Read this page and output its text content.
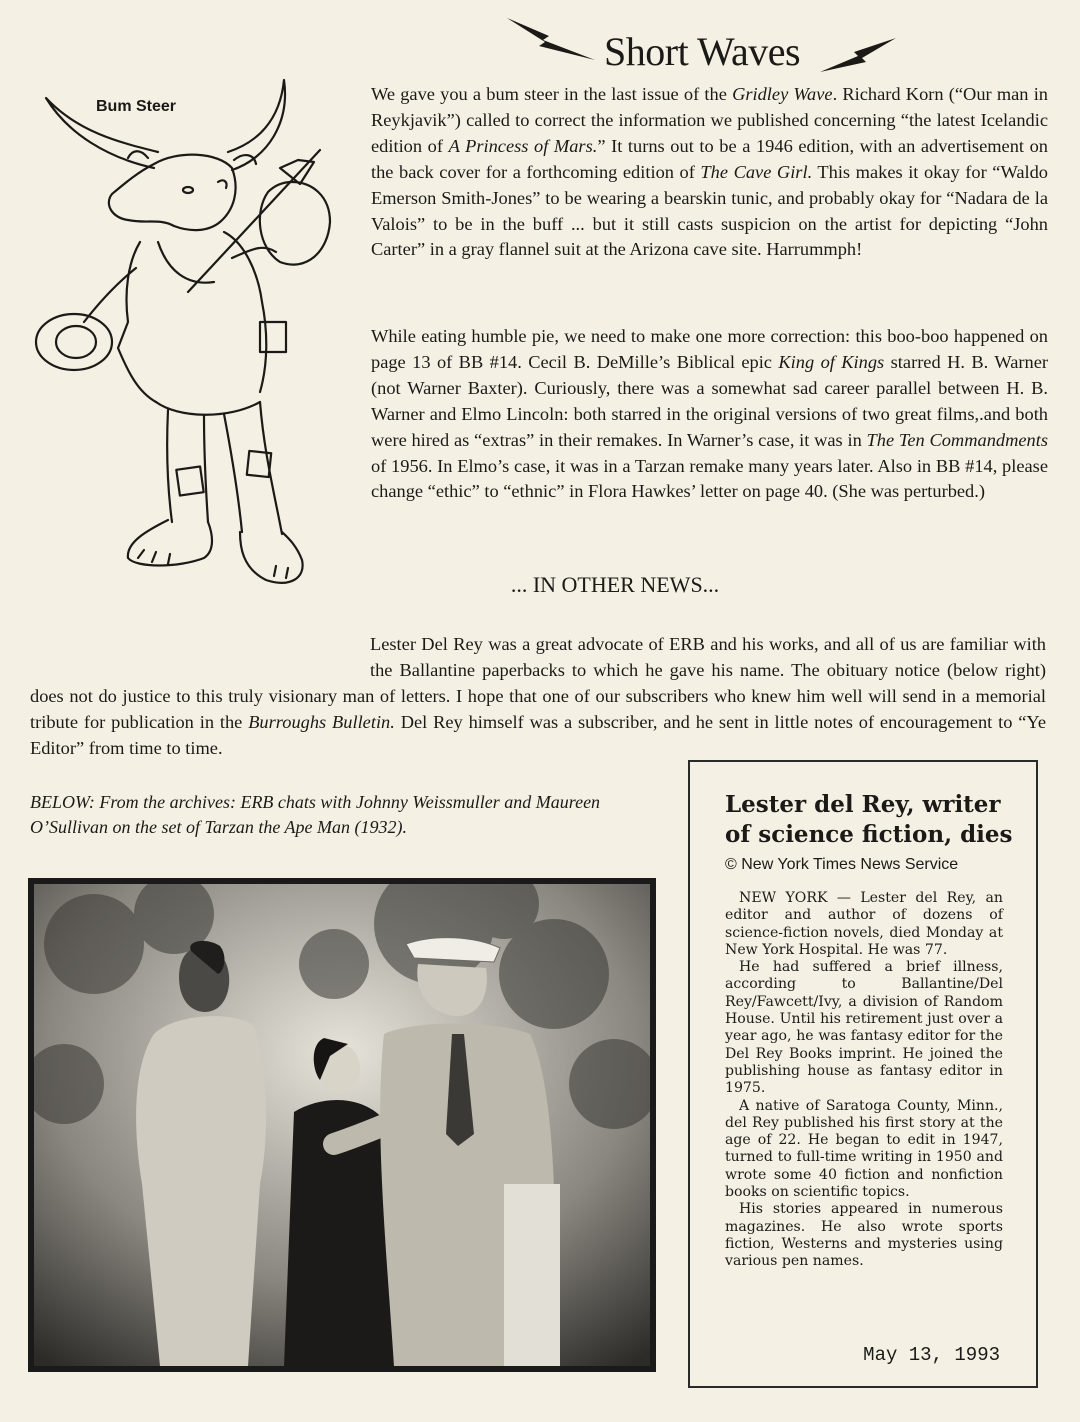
Short Waves
Bum Steer
We gave you a bum steer in the last issue of the Gridley Wave. Richard Korn (“Our man in Reykjavik”) called to correct the information we published concerning “the latest Icelandic edition of A Princess of Mars.” It turns out to be a 1946 edition, with an advertisement on the back cover for a forthcoming edition of The Cave Girl. This makes it okay for “Waldo Emerson Smith-Jones” to be wearing a bearskin tunic, and probably okay for “Nadara de la Valois” to be in the buff ... but it still casts suspicion on the artist for depicting “John Carter” in a gray flannel suit at the Arizona cave site. Harrummph!
While eating humble pie, we need to make one more correction: this boo-boo happened on page 13 of BB #14. Cecil B. DeMille’s Biblical epic King of Kings starred H. B. Warner (not Warner Baxter). Curiously, there was a somewhat sad career parallel between H. B. Warner and Elmo Lincoln: both starred in the original versions of two great films,.and both were hired as “extras” in their remakes. In Warner’s case, it was in The Ten Commandments of 1956. In Elmo’s case, it was in a Tarzan remake many years later. Also in BB #14, please change “ethic” to “ethnic” in Flora Hawkes’ letter on page 40. (She was perturbed.)
... IN OTHER NEWS...
Lester Del Rey was a great advocate of ERB and his works, and all of us are familiar with the Ballantine paperbacks to which he gave his name. The obituary notice (below right) does not do justice to this truly visionary man of letters. I hope that one of our subscribers who knew him well will send in a memorial tribute for publication in the Burroughs Bulletin. Del Rey himself was a subscriber, and he sent in little notes of encouragement to “Ye Editor” from time to time.
BELOW: From the archives: ERB chats with Johnny Weissmuller and Maureen O’Sullivan on the set of Tarzan the Ape Man (1932).
Lester del Rey, writer of science fiction, dies
© New York Times News Service

NEW YORK — Lester del Rey, an editor and author of dozens of science-fiction novels, died Monday at New York Hospital. He was 77.

He had suffered a brief illness, according to Ballantine/Del Rey/Fawcett/Ivy, a division of Random House. Until his retirement just over a year ago, he was fantasy editor for the Del Rey Books imprint. He joined the publishing house as fantasy editor in 1975.

A native of Saratoga County, Minn., del Rey published his first story at the age of 22. He began to edit in 1947, turned to full-time writing in 1950 and wrote some 40 fiction and nonfiction books on scientific topics.

His stories appeared in numerous magazines. He also wrote sports fiction, Westerns and mysteries using various pen names.

May 13, 1993
